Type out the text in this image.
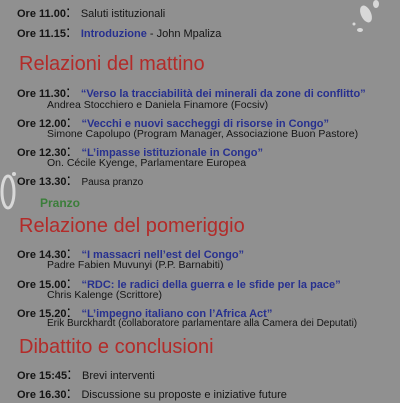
Ore 11.00: Saluti istituzionali
Ore 11.15: Introduzione - John Mpaliza
Relazioni del mattino
Ore 11.30: “Verso la tracciabilità dei minerali da zone di conflitto”
Andrea Stocchiero e Daniela Finamore (Focsiv)
Ore 12.00: “Vecchi e nuovi saccheggi di risorse in Congo”
Simone Capolupo (Program Manager, Associazione Buon Pastore)
Ore 12.30: “L’impasse istituzionale in Congo”
On. Cécile Kyenge, Parlamentare Europea
Ore 13.30: Pausa pranzo
Pranzo
Relazione del pomeriggio
Ore 14.30: “I massacri nell’est del Congo”
Padre Fabien Muvunyi (P.P. Barnabiti)
Ore 15.00: “RDC: le radici della guerra e le sfide per la pace”
Chris Kalenge (Scrittore)
Ore 15.20: “L’impegno italiano con l’Africa Act”
Erik Burckhardt (collaboratore parlamentare alla Camera dei Deputati)
Dibattito e conclusioni
Ore 15:45: Brevi interventi
Ore 16.30: Discussione su proposte e iniziative future
